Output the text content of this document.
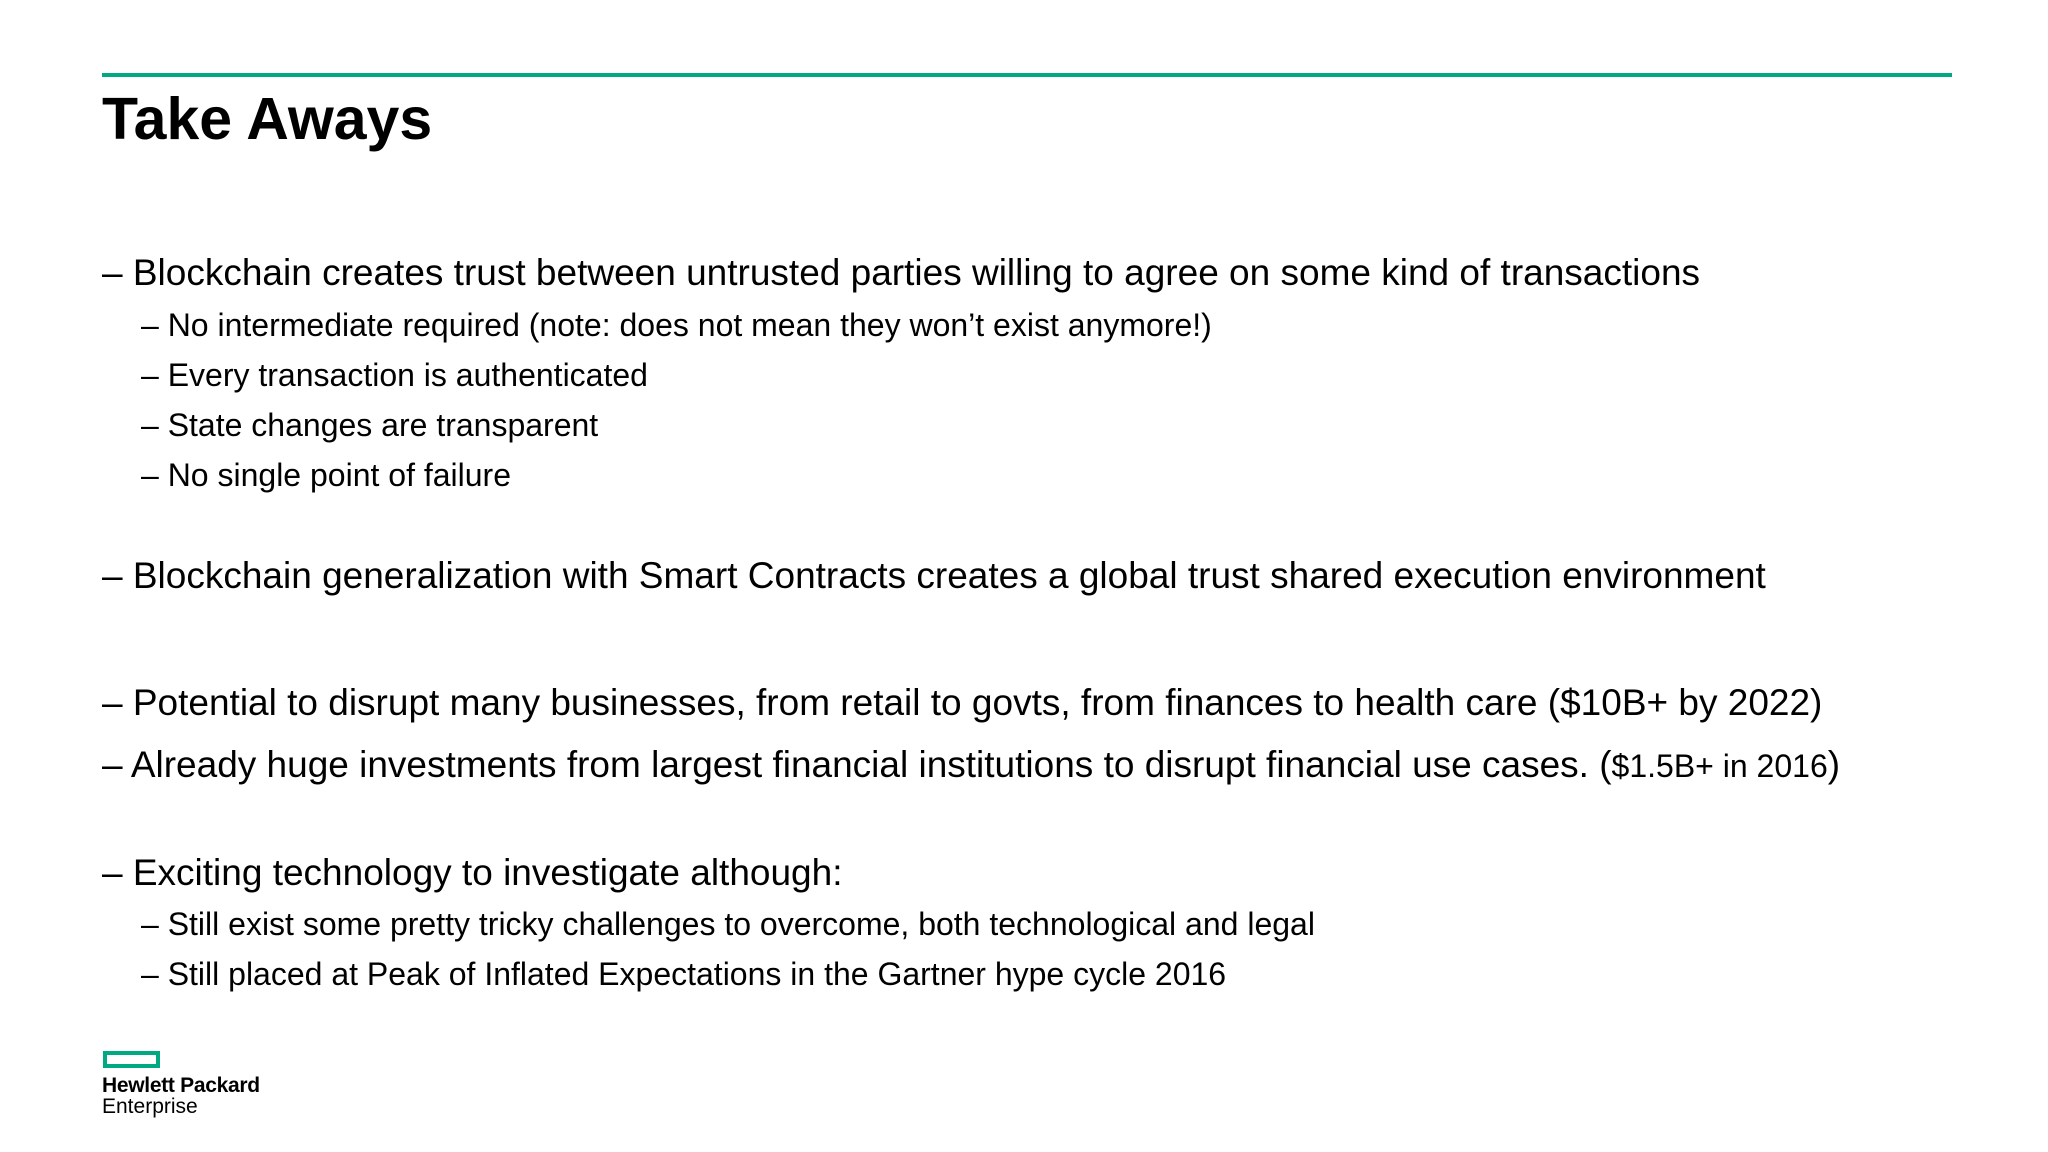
Take Aways

– Blockchain creates trust between untrusted parties willing to agree on some kind of transactions

– No intermediate required (note: does not mean they won’t exist anymore!)

– Every transaction is authenticated

– State changes are transparent

– No single point of failure

– Blockchain generalization with Smart Contracts creates a global trust shared execution environment

– Potential to disrupt many businesses, from retail to govts, from finances to health care ($10B+ by 2022)

– Already huge investments from largest financial institutions to disrupt financial use cases. ($1.5B+ in 2016)

– Exciting technology to investigate although:

– Still exist some pretty tricky challenges to overcome, both technological and legal

– Still placed at Peak of Inflated Expectations in the Gartner hype cycle 2016

Hewlett Packard
Enterprise
